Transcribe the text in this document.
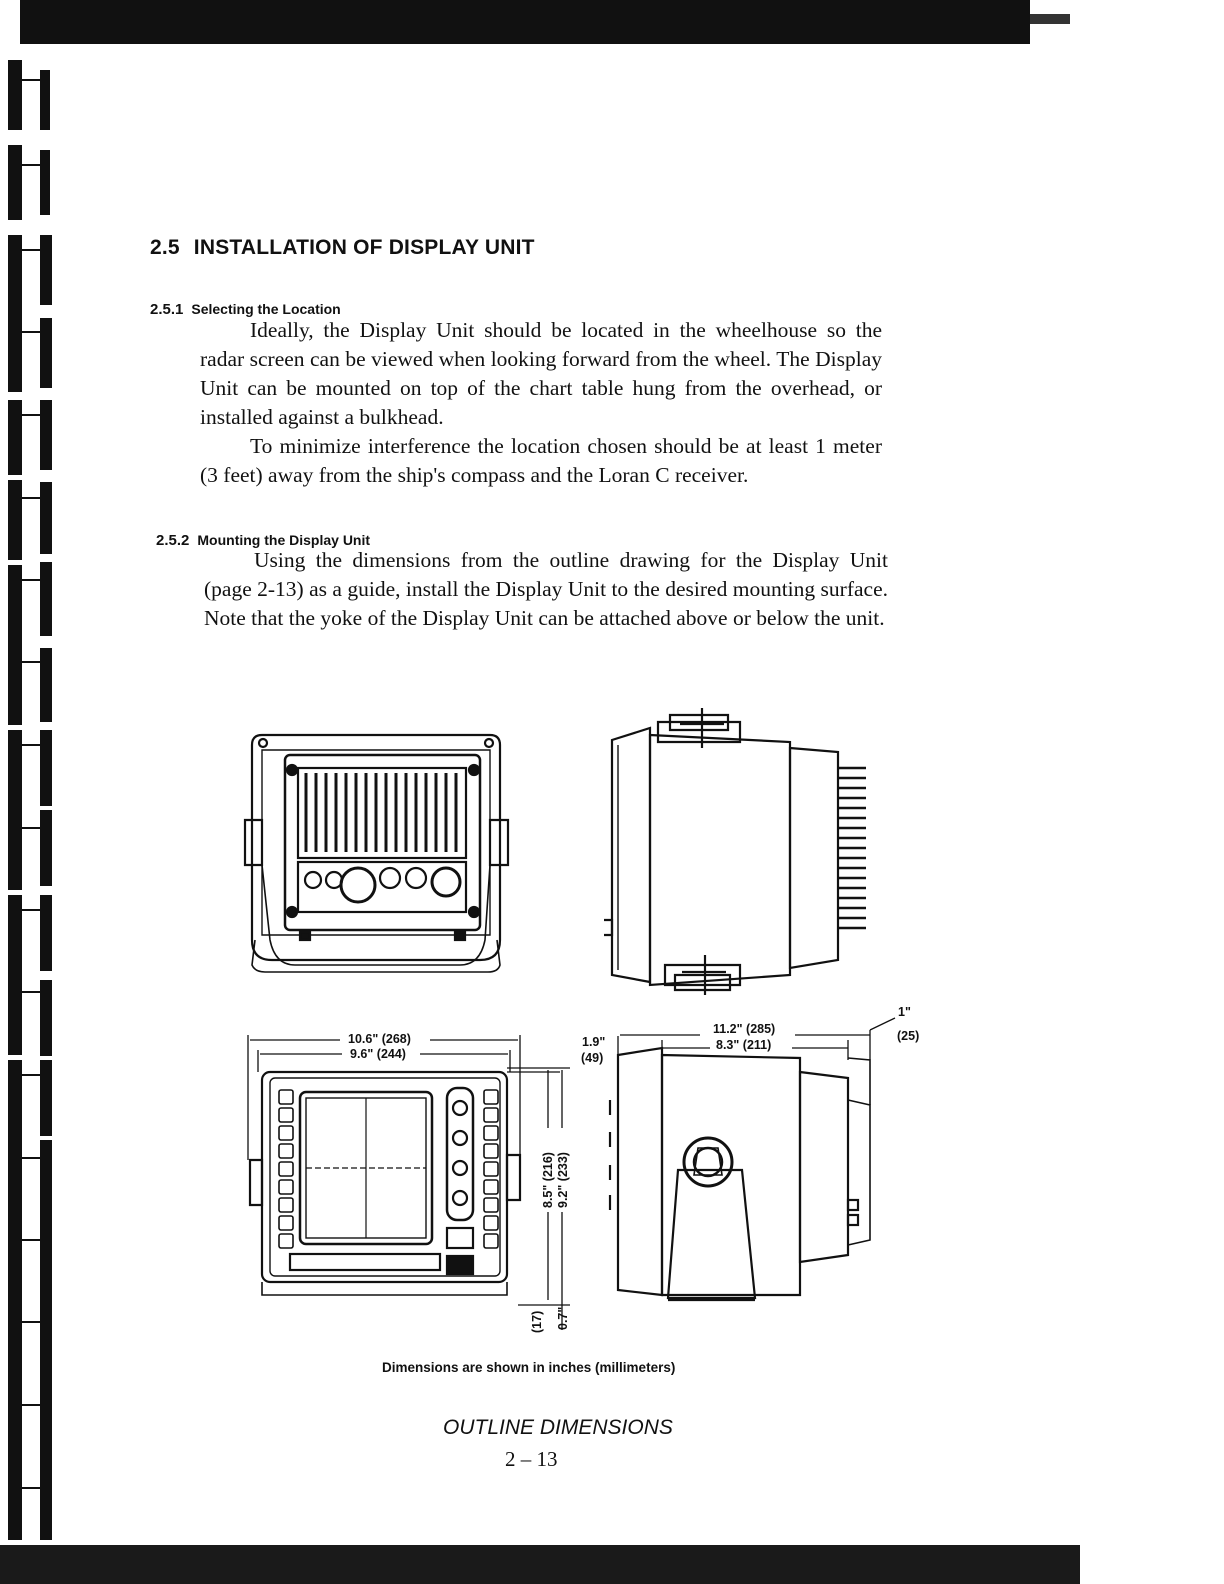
2.5 INSTALLATION OF DISPLAY UNIT
2.5.1 Selecting the Location

Ideally, the Display Unit should be located in the wheelhouse so the radar screen can be viewed when looking forward from the wheel. The Display Unit can be mounted on top of the chart table hung from the overhead, or installed against a bulkhead.

To minimize interference the location chosen should be at least 1 meter (3 feet) away from the ship's compass and the Loran C receiver.

2.5.2 Mounting the Display Unit

Using the dimensions from the outline drawing for the Display Unit (page 2-13) as a guide, install the Display Unit to the desired mounting surface. Note that the yoke of the Display Unit can be attached above or below the unit.

10.6" (268)
9.6" (244)
1.9"
(49)
11.2" (285)
8.3" (211)
1"
(25)
8.5" (216) 9.2" (233)
(17) 0.7"
Dimensions are shown in inches (millimeters)
OUTLINE DIMENSIONS
2 – 13
